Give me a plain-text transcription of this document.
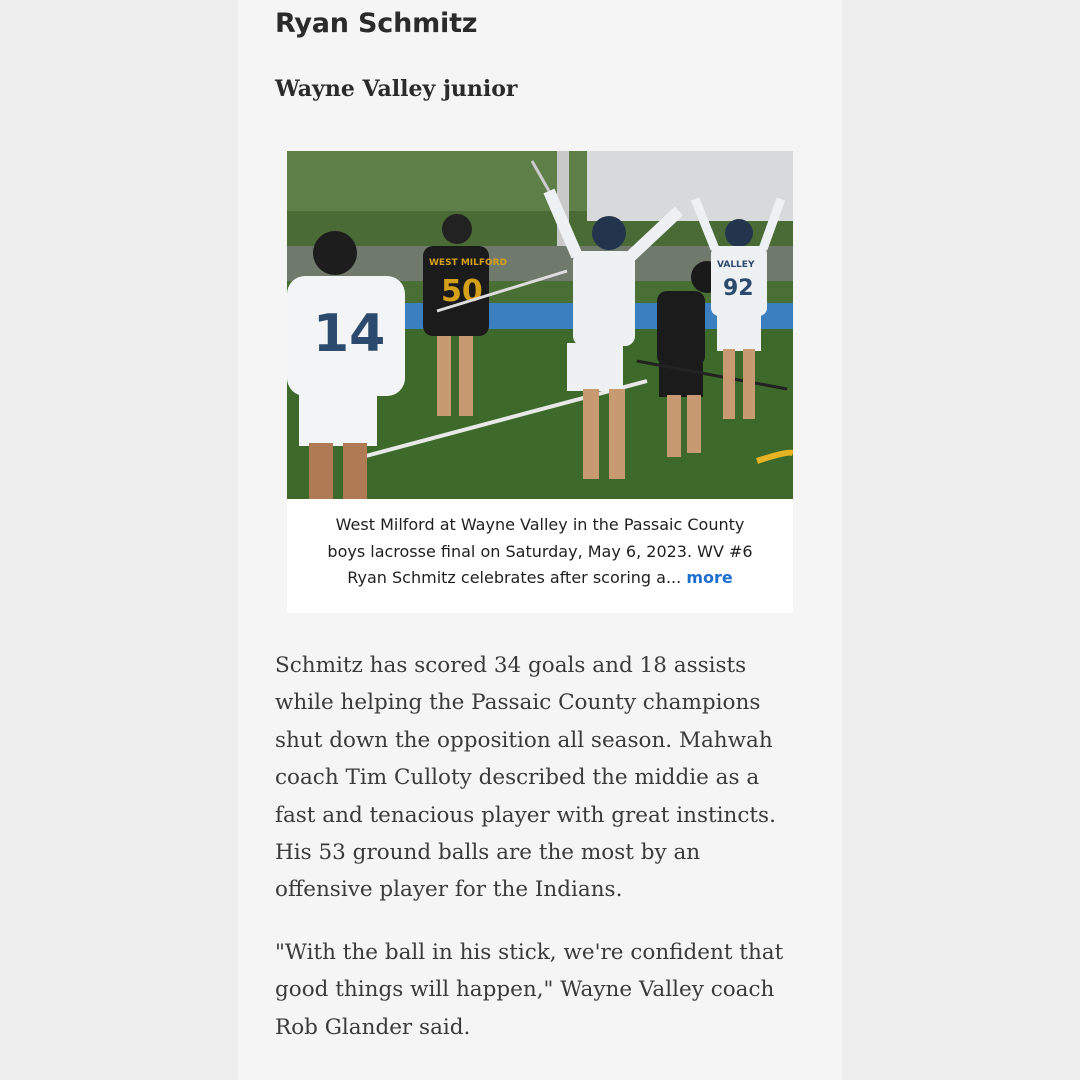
Ryan Schmitz
Wayne Valley junior
14
WEST MILFORD
50
VALLEY
92
West Milford at Wayne Valley in the Passaic County
boys lacrosse final on Saturday, May 6, 2023. WV #6
Ryan Schmitz celebrates after scoring a... more

Schmitz has scored 34 goals and 18 assists
while helping the Passaic County champions
shut down the opposition all season. Mahwah
coach Tim Culloty described the middie as a
fast and tenacious player with great instincts.
His 53 ground balls are the most by an
offensive player for the Indians.

"With the ball in his stick, we're confident that
good things will happen," Wayne Valley coach
Rob Glander said.
